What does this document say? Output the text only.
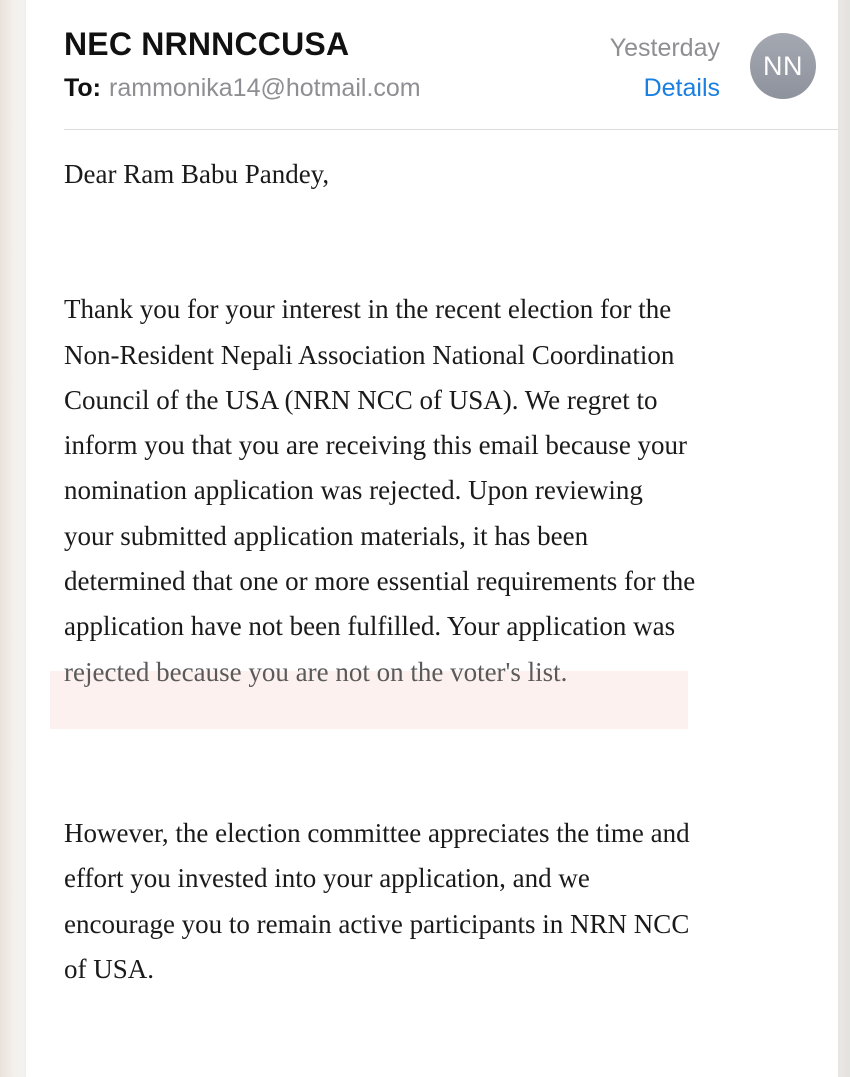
NEC NRNNCCUSA
To: rammonika14@hotmail.com
Yesterday
Details
NN

Dear Ram Babu Pandey,

Thank you for your interest in the recent election for the
Non-Resident Nepali Association National Coordination
Council of the USA (NRN NCC of USA). We regret to
inform you that you are receiving this email because your
nomination application was rejected. Upon reviewing
your submitted application materials, it has been
determined that one or more essential requirements for the
application have not been fulfilled. Your application was
rejected because you are not on the voter's list.

However, the election committee appreciates the time and
effort you invested into your application, and we
encourage you to remain active participants in NRN NCC
of USA.
